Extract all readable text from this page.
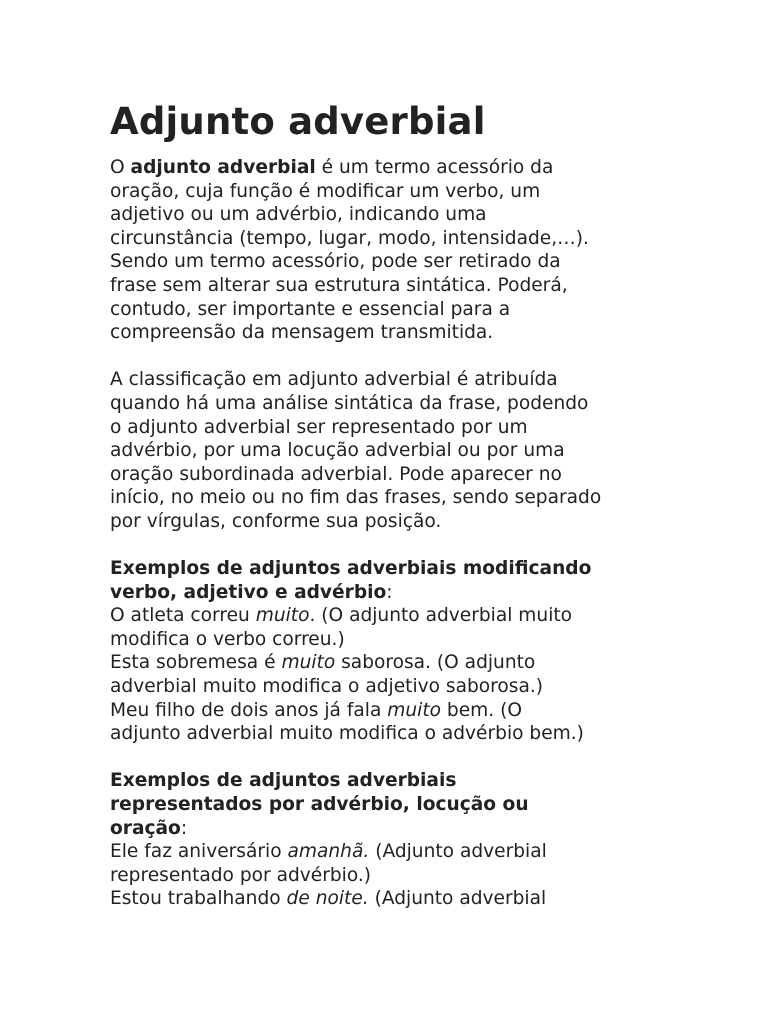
Adjunto adverbial
O adjunto adverbial é um termo acessório da
oração, cuja função é modificar um verbo, um
adjetivo ou um advérbio, indicando uma
circunstância (tempo, lugar, modo, intensidade,…).
Sendo um termo acessório, pode ser retirado da
frase sem alterar sua estrutura sintática. Poderá,
contudo, ser importante e essencial para a
compreensão da mensagem transmitida.
A classificação em adjunto adverbial é atribuída
quando há uma análise sintática da frase, podendo
o adjunto adverbial ser representado por um
advérbio, por uma locução adverbial ou por uma
oração subordinada adverbial. Pode aparecer no
início, no meio ou no fim das frases, sendo separado
por vírgulas, conforme sua posição.
Exemplos de adjuntos adverbiais modificando
verbo, adjetivo e advérbio:
O atleta correu muito. (O adjunto adverbial muito
modifica o verbo correu.)
Esta sobremesa é muito saborosa. (O adjunto
adverbial muito modifica o adjetivo saborosa.)
Meu filho de dois anos já fala muito bem. (O
adjunto adverbial muito modifica o advérbio bem.)
Exemplos de adjuntos adverbiais
representados por advérbio, locução ou
oração:
Ele faz aniversário amanhã. (Adjunto adverbial
representado por advérbio.)
Estou trabalhando de noite. (Adjunto adverbial
